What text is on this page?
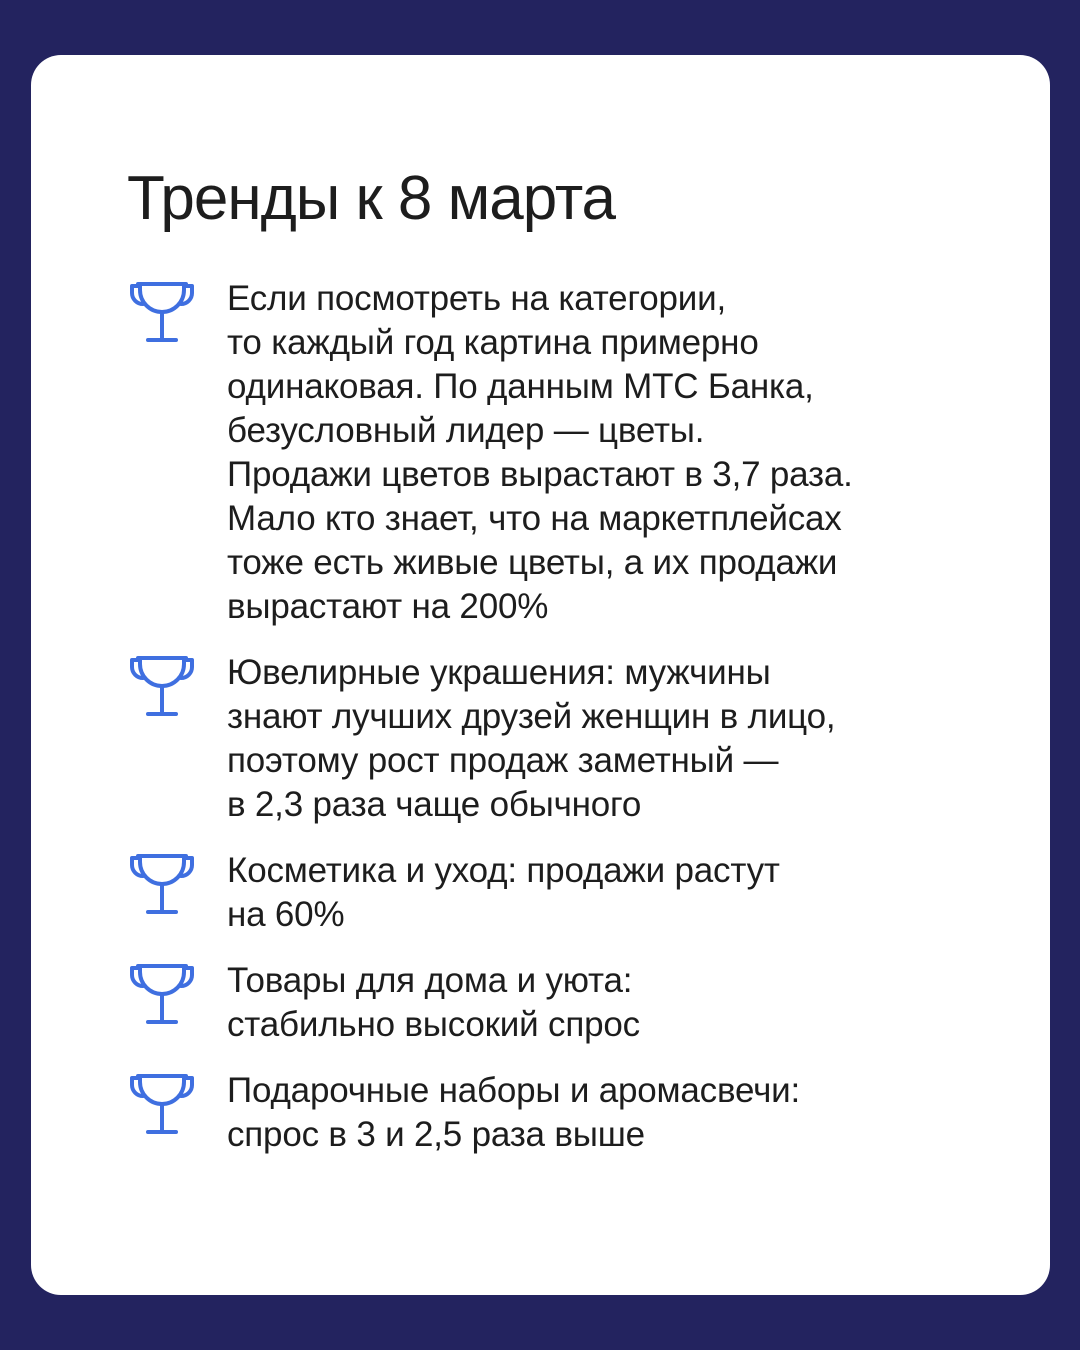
Тренды к 8 марта
Если посмотреть на категории,
то каждый год картина примерно
одинаковая. По данным МТС Банка,
безусловный лидер — цветы.
Продажи цветов вырастают в 3,7 раза.
Мало кто знает, что на маркетплейсах
тоже есть живые цветы, а их продажи
вырастают на 200%
Ювелирные украшения: мужчины
знают лучших друзей женщин в лицо,
поэтому рост продаж заметный —
в 2,3 раза чаще обычного
Косметика и уход: продажи растут
на 60%
Товары для дома и уюта:
стабильно высокий спрос
Подарочные наборы и аромасвечи:
спрос в 3 и 2,5 раза выше
